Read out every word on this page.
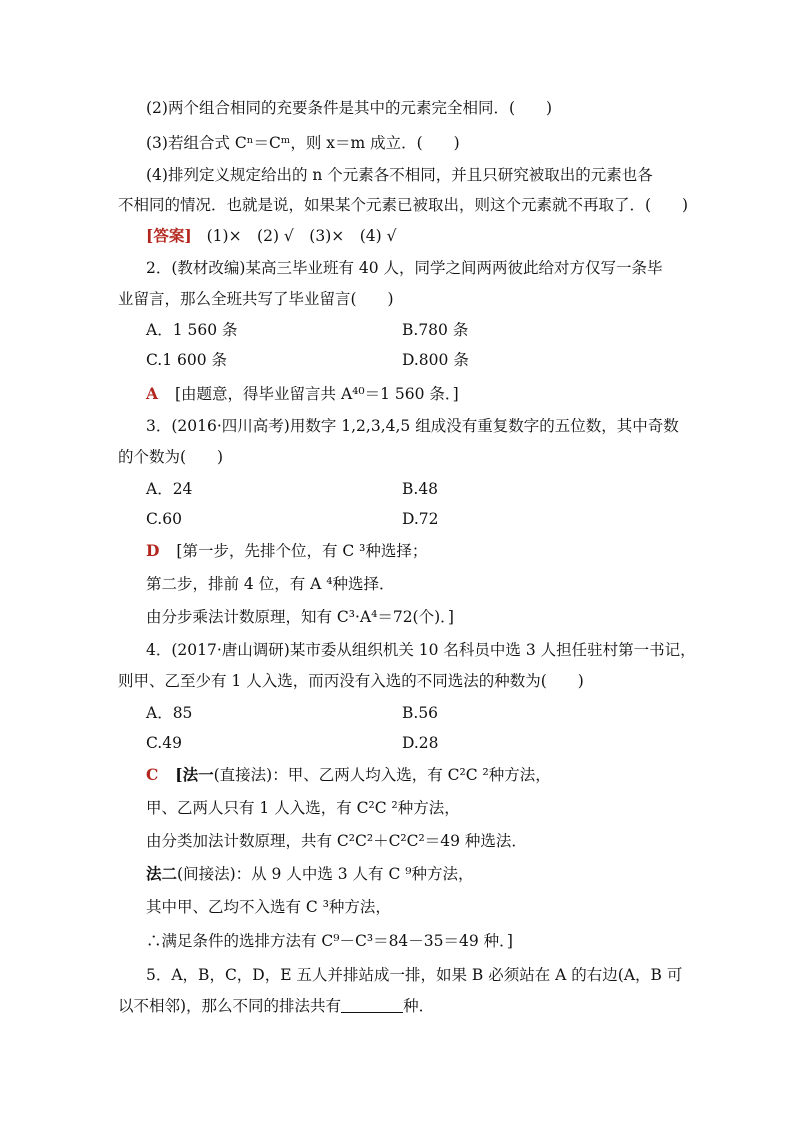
(2)两个组合相同的充要条件是其中的元素完全相同．(　　)
(3)若组合式 Cⁿ＝Cᵐ，则 x＝m 成立．(　　)
(4)排列定义规定给出的 n 个元素各不相同，并且只研究被取出的元素也各
不相同的情况．也就是说，如果某个元素已被取出，则这个元素就不再取了．(　　)
[答案] (1)×　(2) √　(3)×　(4) √
2．(教材改编)某高三毕业班有 40 人，同学之间两两彼此给对方仅写一条毕
业留言，那么全班共写了毕业留言(　　)
A．1 560 条	B.780 条
C.1 600 条	D.800 条
A [由题意，得毕业留言共 A⁴⁰＝1 560 条．]
3．(2016·四川高考)用数字 1,2,3,4,5 组成没有重复数字的五位数，其中奇数
的个数为(　　)
A．24	B.48
C.60	D.72
D [第一步，先排个位，有 C ³种选择；
第二步，排前 4 位，有 A ⁴种选择．
由分步乘法计数原理，知有 C³·A⁴＝72(个)．]
4．(2017·唐山调研)某市委从组织机关 10 名科员中选 3 人担任驻村第一书记，
则甲、乙至少有 1 人入选，而丙没有入选的不同选法的种数为(　　)
A．85	B.56
C.49	D.28
C [法一(直接法)：甲、乙两人均入选，有 C²C ²种方法，
甲、乙两人只有 1 人入选，有 C²C ²种方法，
由分类加法计数原理，共有 C²C²＋C²C²＝49 种选法．
法二(间接法)：从 9 人中选 3 人有 C ⁹种方法，
其中甲、乙均不入选有 C ³种方法，
∴满足条件的选排方法有 C⁹－C³＝84－35＝49 种．]
5．A，B，C，D，E 五人并排站成一排，如果 B 必须站在 A 的右边(A，B 可
以不相邻)，那么不同的排法共有	种．
